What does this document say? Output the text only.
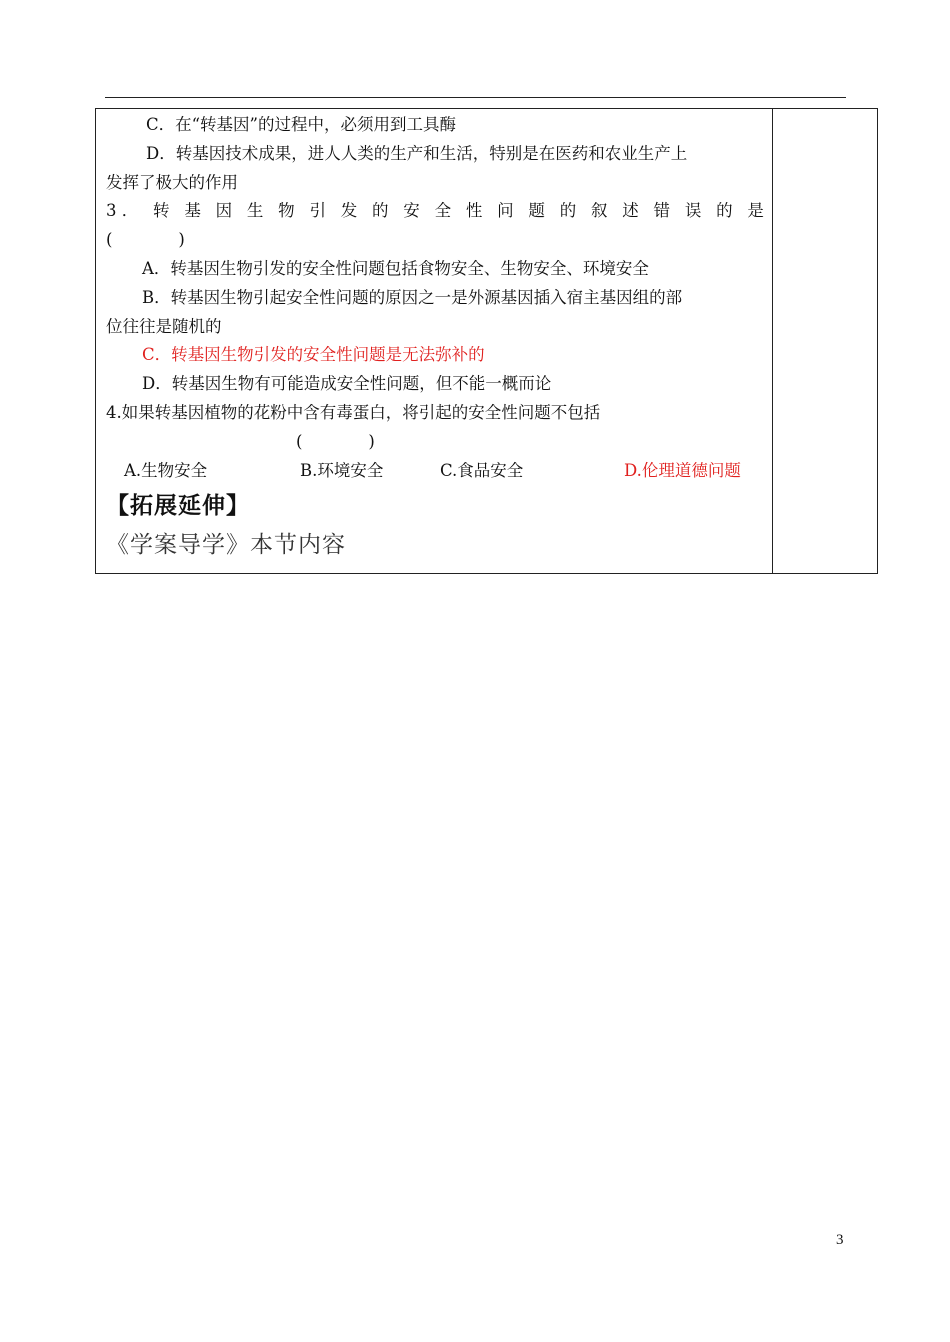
C．在“转基因”的过程中，必须用到工具酶

D．转基因技术成果，进人人类的生产和生活，特别是在医药和农业生产上

发挥了极大的作用

3 ． 转 基 因 生 物 引 发 的 安 全 性 问 题 的 叙 述 错 误 的 是

(　　　　)

A．转基因生物引发的安全性问题包括食物安全、生物安全、环境安全

B．转基因生物引起安全性问题的原因之一是外源基因插入宿主基因组的部

位往往是随机的

C．转基因生物引发的安全性问题是无法弥补的

D．转基因生物有可能造成安全性问题，但不能一概而论

4.如果转基因植物的花粉中含有毒蛋白，将引起的安全性问题不包括

(　　　　)

A.生物安全	B.环境安全	C.食品安全	D.伦理道德问题

【拓展延伸】
《学案导学》本节内容
3
